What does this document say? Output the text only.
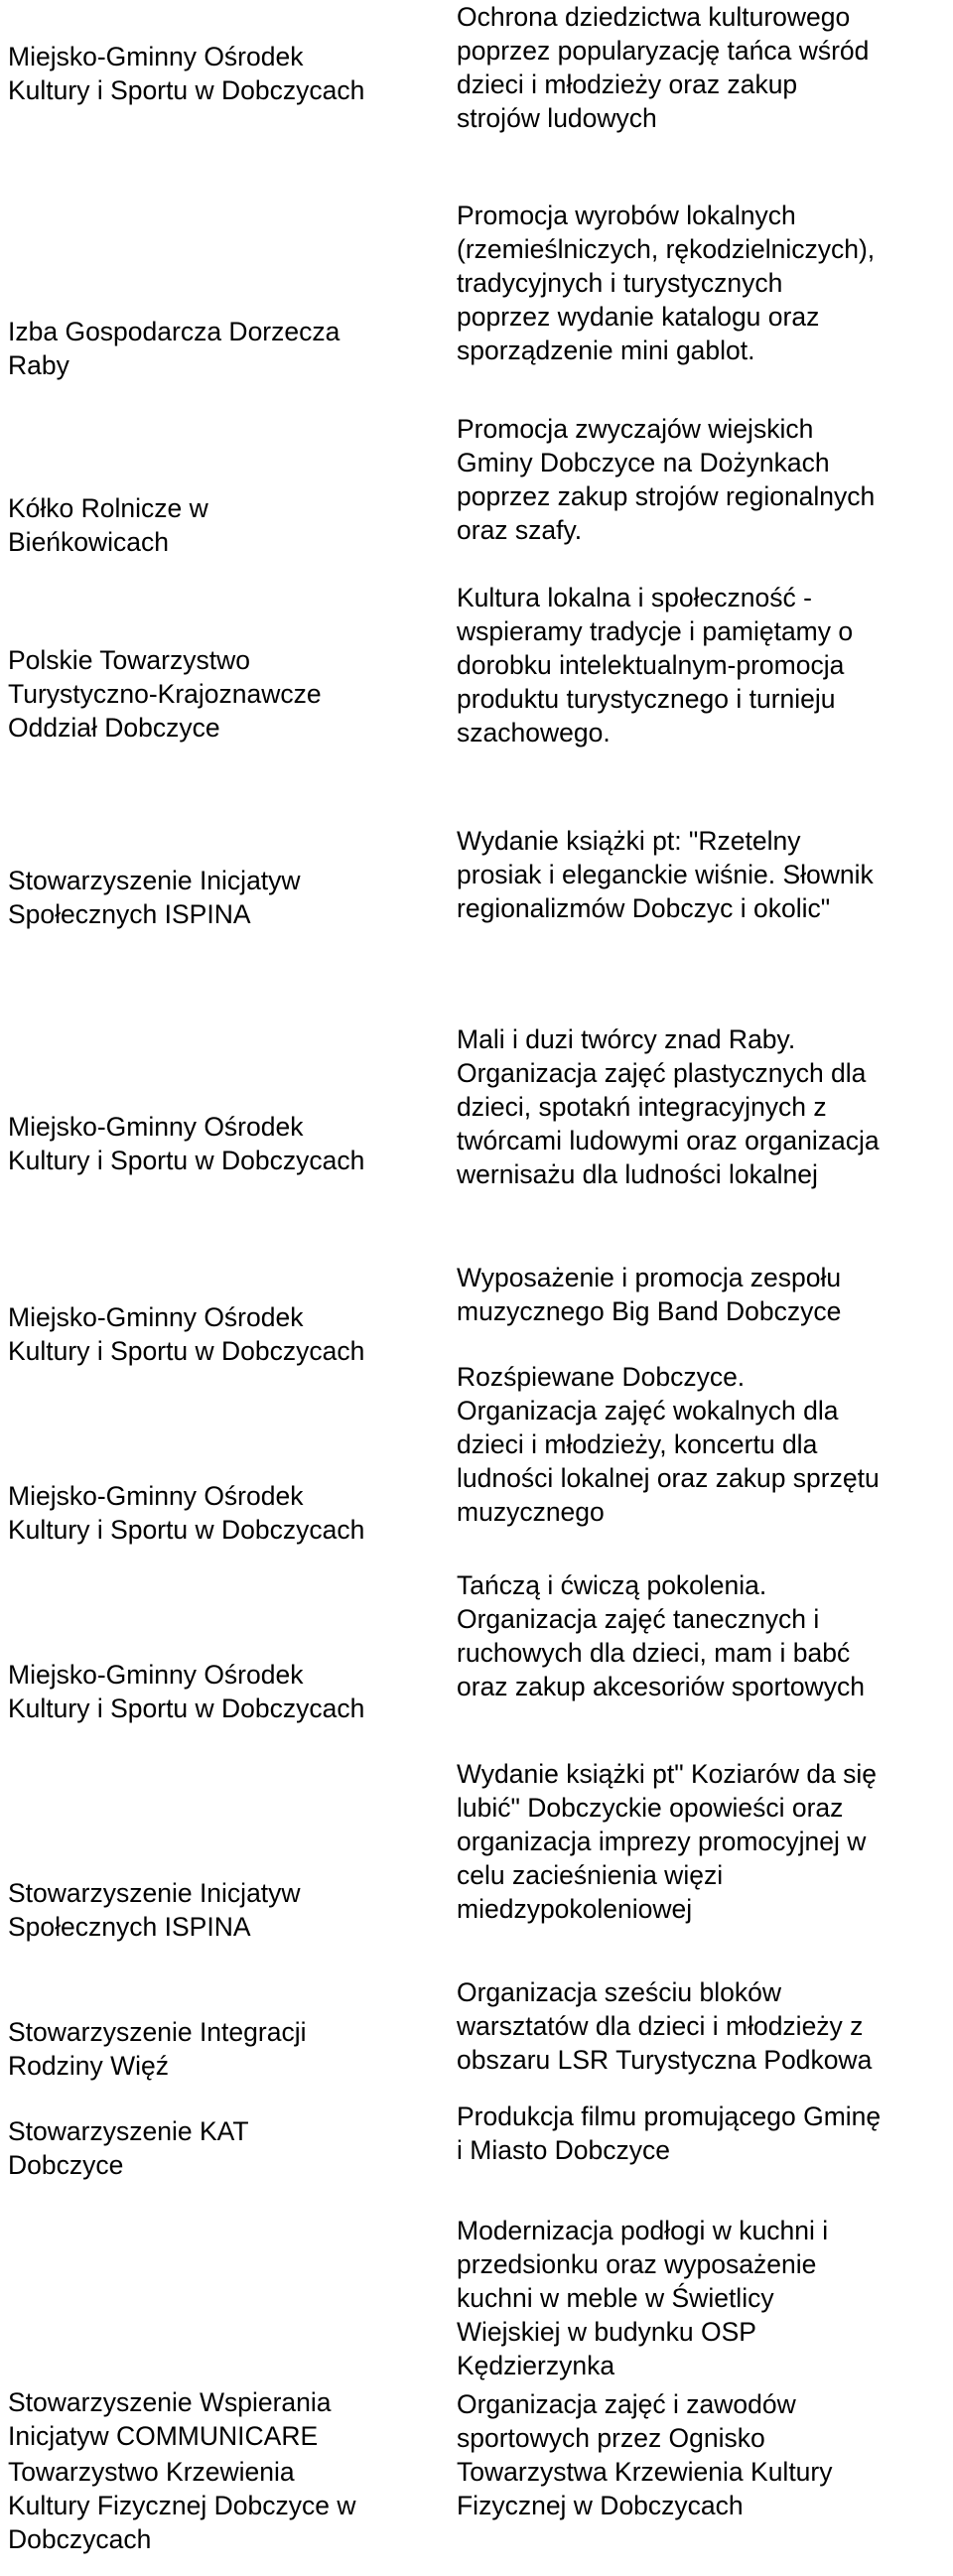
Miejsko-Gminny Ośrodek
Kultury i Sportu w Dobczycach
Ochrona dziedzictwa kulturowego
poprzez popularyzację tańca wśród
dzieci i młodzieży oraz zakup
strojów ludowych
Izba Gospodarcza Dorzecza
Raby
Promocja wyrobów lokalnych
(rzemieślniczych, rękodzielniczych),
tradycyjnych i turystycznych
poprzez wydanie katalogu oraz
sporządzenie mini gablot.
Kółko Rolnicze w
Bieńkowicach
Promocja zwyczajów wiejskich
Gminy Dobczyce na Dożynkach
poprzez zakup strojów regionalnych
oraz szafy.
Polskie Towarzystwo
Turystyczno-Krajoznawcze
Oddział Dobczyce
Kultura lokalna i społeczność -
wspieramy tradycje i pamiętamy o
dorobku intelektualnym-promocja
produktu turystycznego i turnieju
szachowego.
Stowarzyszenie Inicjatyw
Społecznych ISPINA
Wydanie książki pt: "Rzetelny
prosiak i eleganckie wiśnie. Słownik
regionalizmów Dobczyc i okolic"
Miejsko-Gminny Ośrodek
Kultury i Sportu w Dobczycach
Mali i duzi twórcy znad Raby.
Organizacja zajęć plastycznych dla
dzieci, spotakń integracyjnych z
twórcami ludowymi oraz organizacja
wernisażu dla ludności lokalnej
Miejsko-Gminny Ośrodek
Kultury i Sportu w Dobczycach
Wyposażenie i promocja zespołu
muzycznego Big Band Dobczyce
Miejsko-Gminny Ośrodek
Kultury i Sportu w Dobczycach
Rozśpiewane Dobczyce.
Organizacja zajęć wokalnych dla
dzieci i młodzieży, koncertu dla
ludności lokalnej oraz zakup sprzętu
muzycznego
Miejsko-Gminny Ośrodek
Kultury i Sportu w Dobczycach
Tańczą i ćwiczą pokolenia.
Organizacja zajęć tanecznych i
ruchowych dla dzieci, mam i babć
oraz zakup akcesoriów sportowych
Stowarzyszenie Inicjatyw
Społecznych ISPINA
Wydanie książki pt" Koziarów da się
lubić" Dobczyckie opowieści oraz
organizacja imprezy promocyjnej w
celu zacieśnienia więzi
miedzypokoleniowej
Stowarzyszenie Integracji
Rodziny Więź
Organizacja sześciu bloków
warsztatów dla dzieci i młodzieży z
obszaru LSR Turystyczna Podkowa
Stowarzyszenie KAT
Dobczyce
Produkcja filmu promującego Gminę
i Miasto Dobczyce
Stowarzyszenie Wspierania
Inicjatyw COMMUNICARE
Modernizacja podłogi w kuchni i
przedsionku oraz wyposażenie
kuchni w meble w Świetlicy
Wiejskiej w budynku OSP
Kędzierzynka
Towarzystwo Krzewienia
Kultury Fizycznej Dobczyce w
Dobczycach
Organizacja zajęć i zawodów
sportowych przez Ognisko
Towarzystwa Krzewienia Kultury
Fizycznej w Dobczycach
